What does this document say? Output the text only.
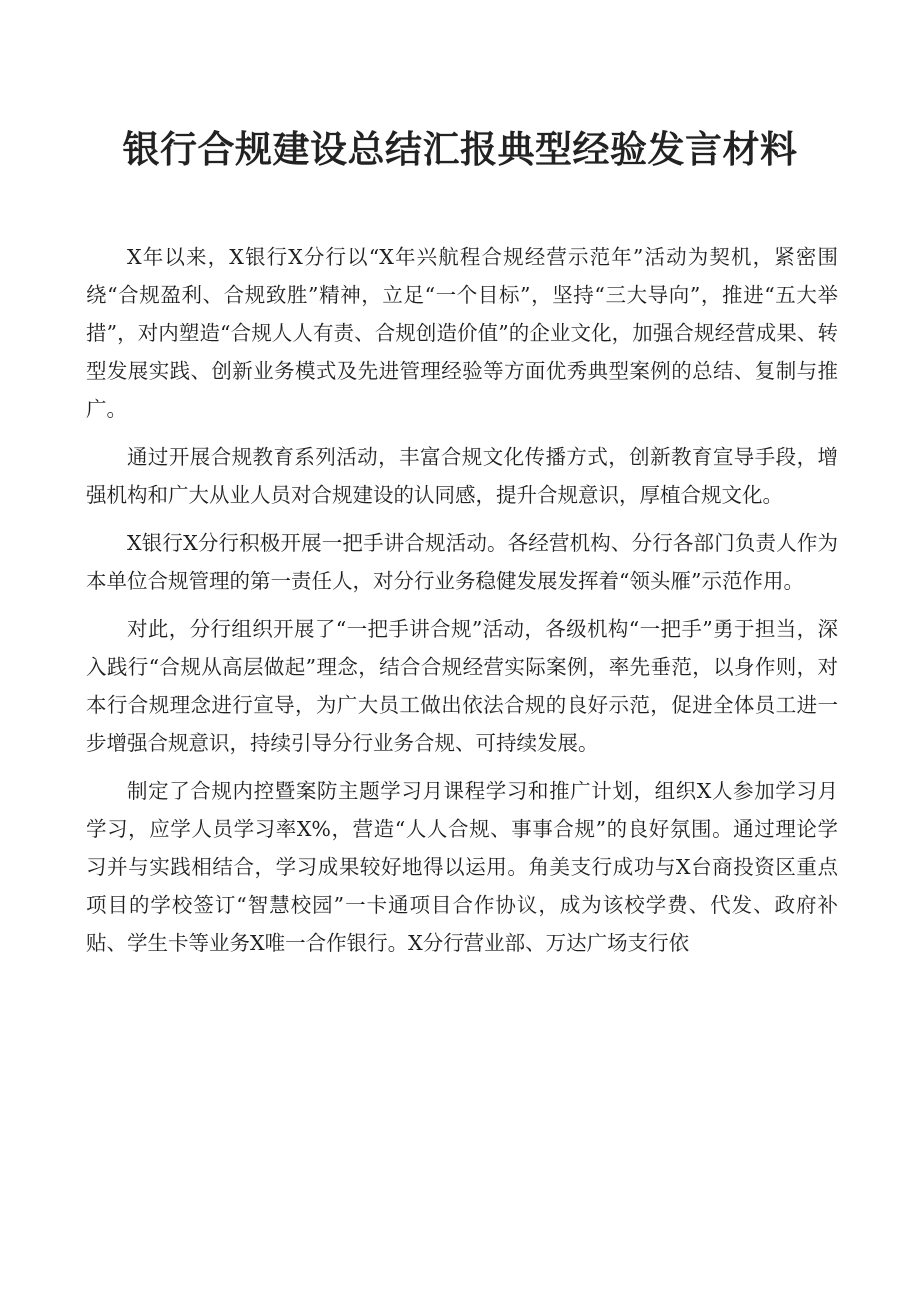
银行合规建设总结汇报典型经验发言材料

X年以来，X银行X分行以“X年兴航程合规经营示范年”活动为契机，紧密围绕“合规盈利、合规致胜”精神，立足“一个目标”，坚持“三大导向”，推进“五大举措”，对内塑造“合规人人有责、合规创造价值”的企业文化，加强合规经营成果、转型发展实践、创新业务模式及先进管理经验等方面优秀典型案例的总结、复制与推广。

通过开展合规教育系列活动，丰富合规文化传播方式，创新教育宣导手段，增强机构和广大从业人员对合规建设的认同感，提升合规意识，厚植合规文化。

X银行X分行积极开展一把手讲合规活动。各经营机构、分行各部门负责人作为本单位合规管理的第一责任人，对分行业务稳健发展发挥着“领头雁”示范作用。

对此，分行组织开展了“一把手讲合规”活动，各级机构“一把手”勇于担当，深入践行“合规从高层做起”理念，结合合规经营实际案例，率先垂范，以身作则，对本行合规理念进行宣导，为广大员工做出依法合规的良好示范，促进全体员工进一步增强合规意识，持续引导分行业务合规、可持续发展。

制定了合规内控暨案防主题学习月课程学习和推广计划，组织X人参加学习月学习，应学人员学习率X%，营造“人人合规、事事合规”的良好氛围。通过理论学习并与实践相结合，学习成果较好地得以运用。角美支行成功与X台商投资区重点项目的学校签订“智慧校园”一卡通项目合作协议，成为该校学费、代发、政府补贴、学生卡等业务X唯一合作银行。X分行营业部、万达广场支行依
